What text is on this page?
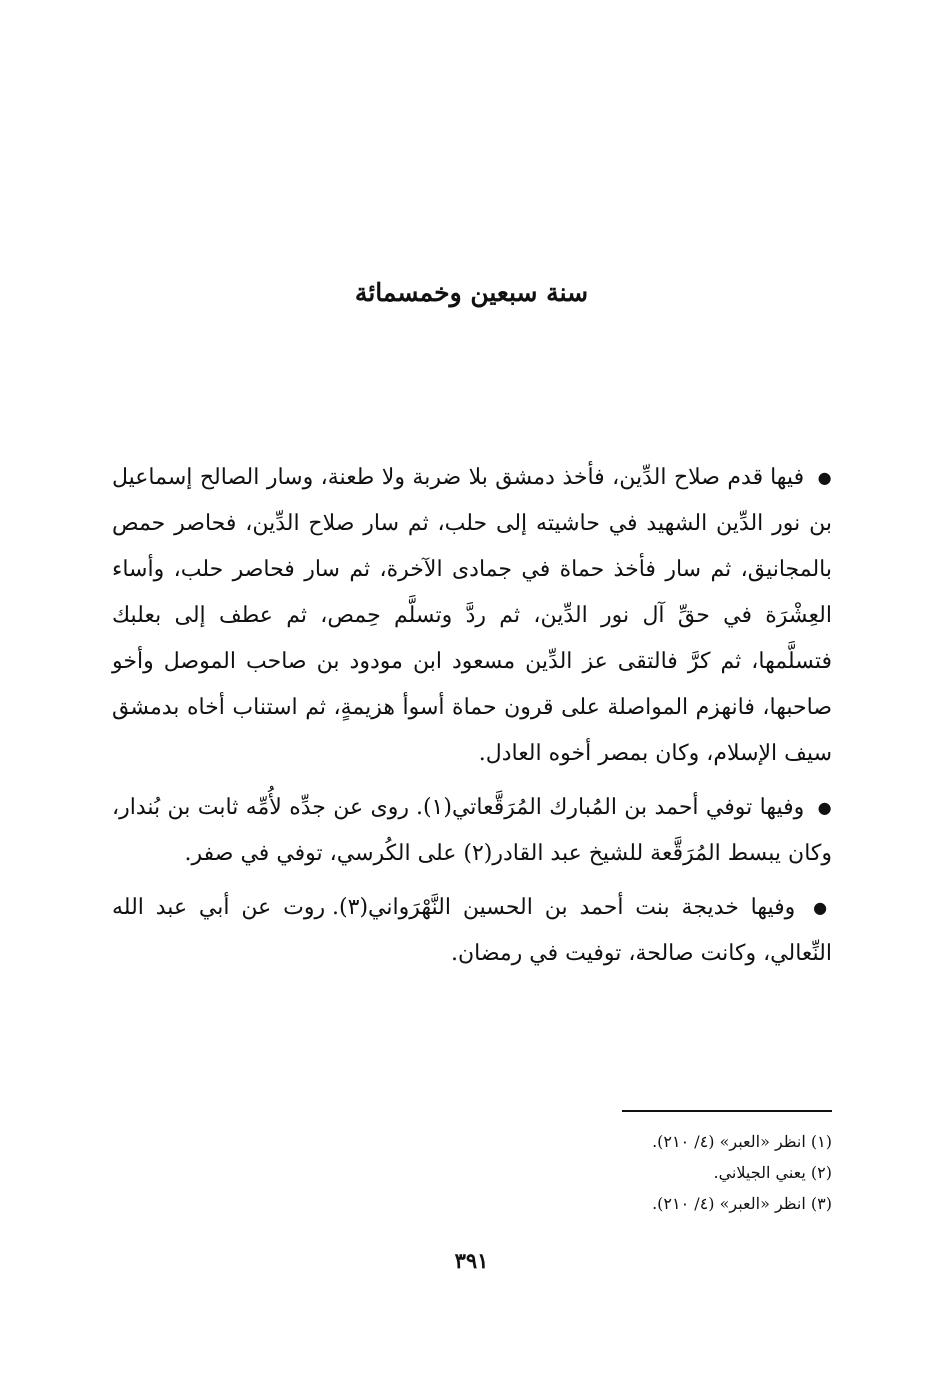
سنة سبعين وخمسمائة

● فيها قدم صلاح الدِّين، فأخذ دمشق بلا ضربة ولا طعنة، وسار الصالح إسماعيل بن نور الدِّين الشهيد في حاشيته إلى حلب، ثم سار صلاح الدِّين، فحاصر حمص بالمجانيق، ثم سار فأخذ حماة في جمادى الآخرة، ثم سار فحاصر حلب، وأساء العِشْرَة في حقِّ آل نور الدِّين، ثم ردَّ وتسلَّم حِمص، ثم عطف إلى بعلبك فتسلَّمها، ثم كرَّ فالتقى عز الدِّين مسعود ابن مودود بن صاحب الموصل وأخو صاحبها، فانهزم المواصلة على قرون حماة أسوأ هزيمةٍ، ثم استناب أخاه بدمشق سيف الإسلام، وكان بمصر أخوه العادل.

● وفيها توفي أحمد بن المُبارك المُرَقَّعاتي(١). روى عن جدِّه لأُمِّه ثابت بن بُندار، وكان يبسط المُرَقَّعة للشيخ عبد القادر(٢) على الكُرسي، توفي في صفر.

● وفيها خديجة بنت أحمد بن الحسين النَّهْرَواني(٣). روت عن أبي عبد الله النِّعالي، وكانت صالحة، توفيت في رمضان.

(١) انظر «العبر» (٤/ ٢١٠).
(٢) يعني الجيلاني.
(٣) انظر «العبر» (٤/ ٢١٠).
٣٩١
